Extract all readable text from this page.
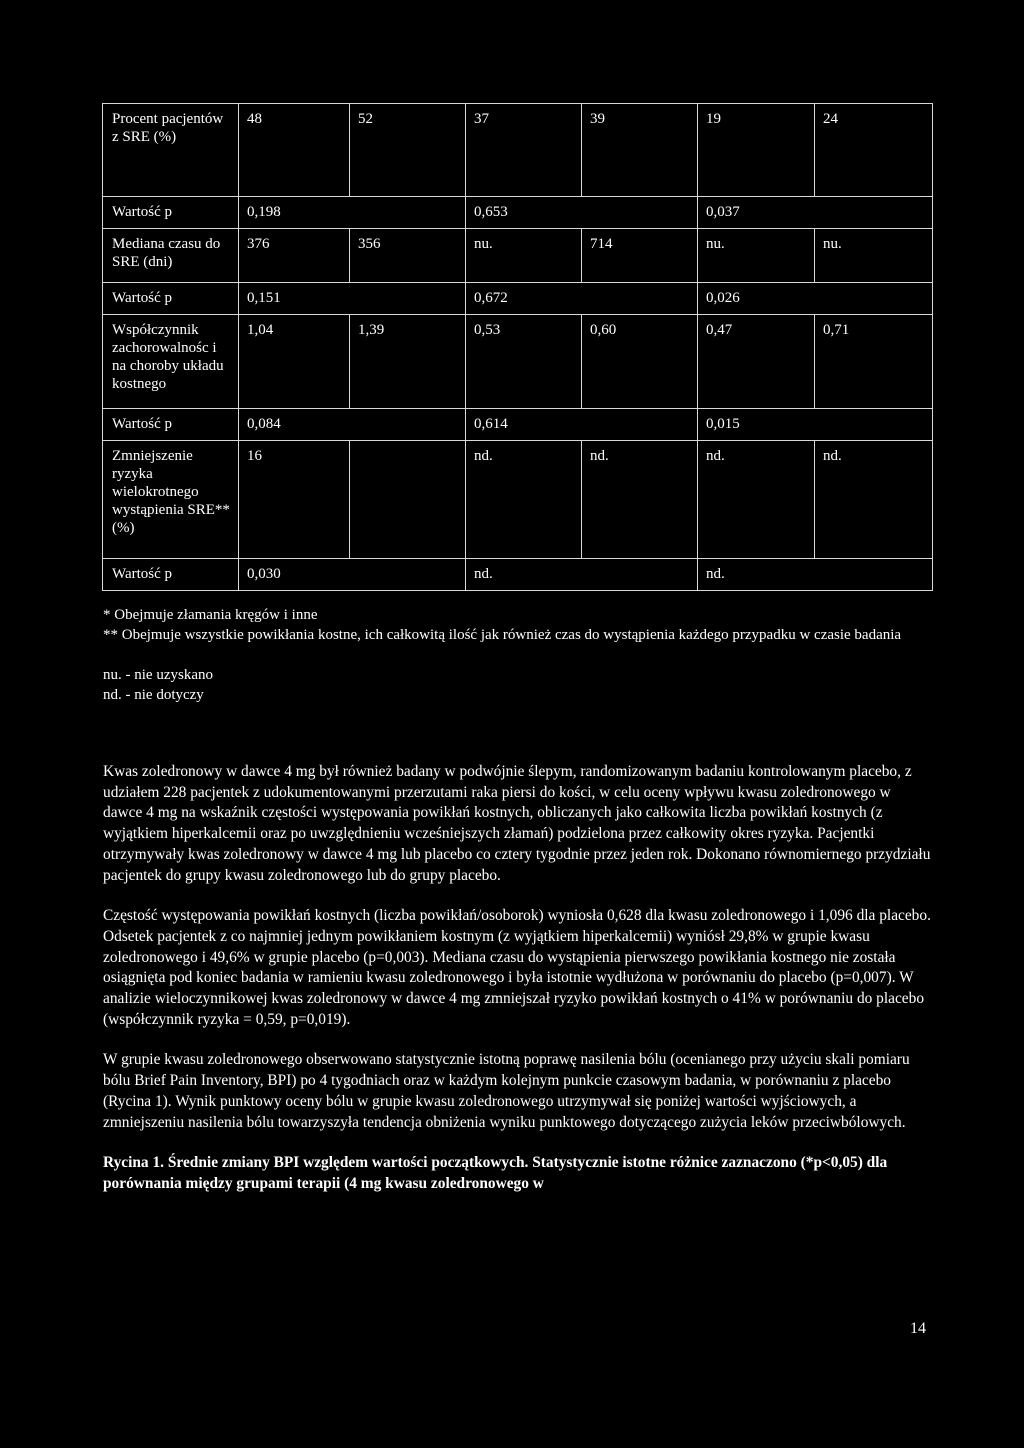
Procent pacjentów z SRE (%)	48	52	37	39	19	24
Wartość p	0,198		0,653		0,037	
Mediana czasu do SRE (dni)	376	356	nu.	714	nu.	nu.
Wartość p	0,151		0,672		0,026	
Współczynnik zachorowalnośc i na choroby układu kostnego	1,04	1,39	0,53	0,60	0,47	0,71
Wartość p	0,084		0,614		0,015	
Zmniejszenie ryzyka wielokrotnego wystąpienia SRE** (%)	16		nd.	nd.	nd.	nd.
Wartość p	0,030		nd.		nd.	

* Obejmuje złamania kręgów i inne

** Obejmuje wszystkie powikłania kostne, ich całkowitą ilość jak również czas do wystąpienia każdego przypadku w czasie badania

nu. - nie uzyskano

nd. - nie dotyczy

Kwas zoledronowy w dawce 4 mg był również badany w podwójnie ślepym, randomizowanym badaniu kontrolowanym placebo, z udziałem 228 pacjentek z udokumentowanymi przerzutami raka piersi do kości, w celu oceny wpływu kwasu zoledronowego w dawce 4 mg na wskaźnik częstości występowania powikłań kostnych, obliczanych jako całkowita liczba powikłań kostnych (z wyjątkiem hiperkalcemii oraz po uwzględnieniu wcześniejszych złamań) podzielona przez całkowity okres ryzyka. Pacjentki otrzymywały kwas zoledronowy w dawce 4 mg lub placebo co cztery tygodnie przez jeden rok. Dokonano równomiernego przydziału pacjentek do grupy kwasu zoledronowego lub do grupy placebo.

Częstość występowania powikłań kostnych (liczba powikłań/osoborok) wyniosła 0,628 dla kwasu zoledronowego i 1,096 dla placebo. Odsetek pacjentek z co najmniej jednym powikłaniem kostnym (z wyjątkiem hiperkalcemii) wyniósł 29,8% w grupie kwasu zoledronowego i 49,6% w grupie placebo (p=0,003). Mediana czasu do wystąpienia pierwszego powikłania kostnego nie została osiągnięta pod koniec badania w ramieniu kwasu zoledronowego i była istotnie wydłużona w porównaniu do placebo (p=0,007). W analizie wieloczynnikowej kwas zoledronowy w dawce 4 mg zmniejszał ryzyko powikłań kostnych o 41% w porównaniu do placebo (współczynnik ryzyka = 0,59, p=0,019).

W grupie kwasu zoledronowego obserwowano statystycznie istotną poprawę nasilenia bólu (ocenianego przy użyciu skali pomiaru bólu Brief Pain Inventory, BPI) po 4 tygodniach oraz w każdym kolejnym punkcie czasowym badania, w porównaniu z placebo (Rycina 1). Wynik punktowy oceny bólu w grupie kwasu zoledronowego utrzymywał się poniżej wartości wyjściowych, a zmniejszeniu nasilenia bólu towarzyszyła tendencja obniżenia wyniku punktowego dotyczącego zużycia leków przeciwbólowych.

Rycina 1. Średnie zmiany BPI względem wartości początkowych. Statystycznie istotne różnice zaznaczono (*p<0,05) dla porównania między grupami terapii (4 mg kwasu zoledronowego w

14
